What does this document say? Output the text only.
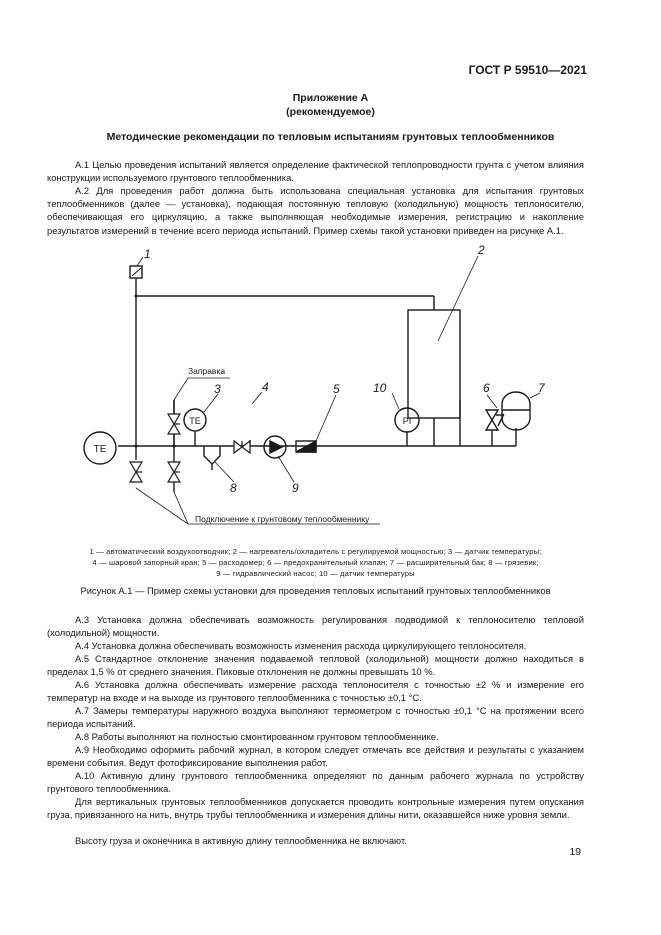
ГОСТ Р 59510—2021
Приложение А
(рекомендуемое)
Методические рекомендации по тепловым испытаниям грунтовых теплообменников

А.1 Целью проведения испытаний является определение фактической теплопроводности грунта с учетом влияния конструкции используемого грунтового теплообменника.

А.2 Для проведения работ должна быть использована специальная установка для испытания грунтовых теплообменников (далее — установка), подающая постоянную тепловую (холодильную) мощность теплоносителю, обеспечивающая его циркуляцию, а также выполняющая необходимые измерения, регистрацию и накопление результатов измерений в течение всего периода испытаний. Пример схемы такой установки приведен на рисунке А.1.

TE
TE	PI
Заправка
Подключение к грунтовому теплообменнику
1	2
3	4	5	10	6	7
8	9
1 — автоматический воздухоотводчик; 2 — нагреватель/охладитель с регулируемой мощностью; 3 — датчик температуры;
4 — шаровой запорный кран; 5 — расходомер; 6 — предохранительный клапан; 7 — расширительный бак; 8 — грязевик;
9 — гидравлический насос; 10 — датчик температуры
Рисунок А.1 — Пример схемы установки для проведения тепловых испытаний грунтовых теплообменников

А.3 Установка должна обеспечивать возможность регулирования подводимой к теплоносителю тепловой (холодильной) мощности.

А.4 Установка должна обеспечивать возможность изменения расхода циркулирующего теплоносителя.

А.5 Стандартное отклонение значения подаваемой тепловой (холодильной) мощности должно находиться в пределах 1,5 % от среднего значения. Пиковые отклонения не должны превышать 10 %.

А.6 Установка должна обеспечивать измерение расхода теплоносителя с точностью ±2 % и измерение его температур на входе и на выходе из грунтового теплообменника с точностью ±0,1 °С.

А.7 Замеры температуры наружного воздуха выполняют термометром с точностью ±0,1 °С на протяжении всего периода испытаний.

А.8 Работы выполняют на полностью смонтированном грунтовом теплообменнике.

А.9 Необходимо оформить рабочий журнал, в котором следует отмечать все действия и результаты с указанием времени события. Ведут фотофиксирование выполнения работ.

А.10 Активную длину грунтового теплообменника определяют по данным рабочего журнала по устройству грунтового теплообменника.

Для вертикальных грунтовых теплообменников допускается проводить контрольные измерения путем опускания груза, привязанного на нить, внутрь трубы теплообменника и измерения длины нити, оказавшейся ниже уровня земли.

Высоту груза и оконечника в активную длину теплообменника не включают.

19
